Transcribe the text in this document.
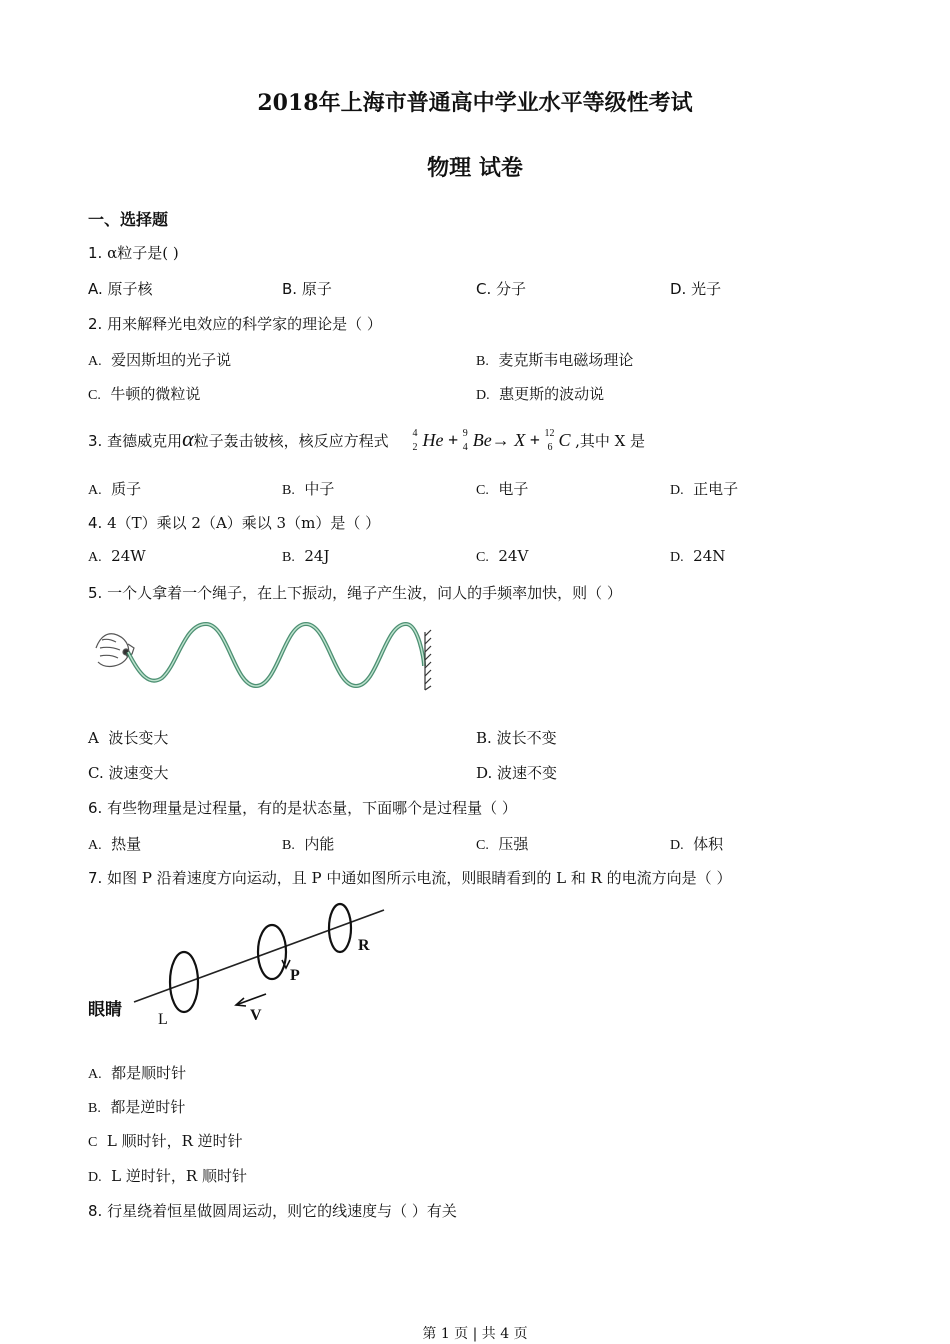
2018年上海市普通高中学业水平等级性考试
物理 试卷
一、选择题
1. α粒子是( )
A. 原子核	B. 原子	C. 分子	D. 光子
2. 用来解释光电效应的科学家的理论是（ ）
A. 爱因斯坦的光子说	B. 麦克斯韦电磁场理论
C. 牛顿的微粒说	D. 惠更斯的波动说
3. 查德威克用α粒子轰击铍核，核反应方程式 4
2 He + 9
4 Be→ X + 12
6 C ,其中 X 是
A. 质子	B. 中子	C. 电子	D. 正电子
4. 4（T）乘以 2（A）乘以 3（m）是（ ）
A. 24W	B. 24J	C. 24V	D. 24N
5. 一个人拿着一个绳子，在上下振动，绳子产生波，问人的手频率加快，则（ ）
A 波长变大	B. 波长不变
C. 波速变大	D. 波速不变
6. 有些物理量是过程量，有的是状态量，下面哪个是过程量（ ）
A. 热量	B. 内能	C. 压强	D. 体积
7. 如图 P 沿着速度方向运动，且 P 中通如图所示电流，则眼睛看到的 L 和 R 的电流方向是（ ）
眼睛 L
P
R
V
A. 都是顺时针
B. 都是逆时针
C L 顺时针，R 逆时针
D. L 逆时针，R 顺时针
8. 行星绕着恒星做圆周运动，则它的线速度与（ ）有关
第 1 页 | 共 4 页
